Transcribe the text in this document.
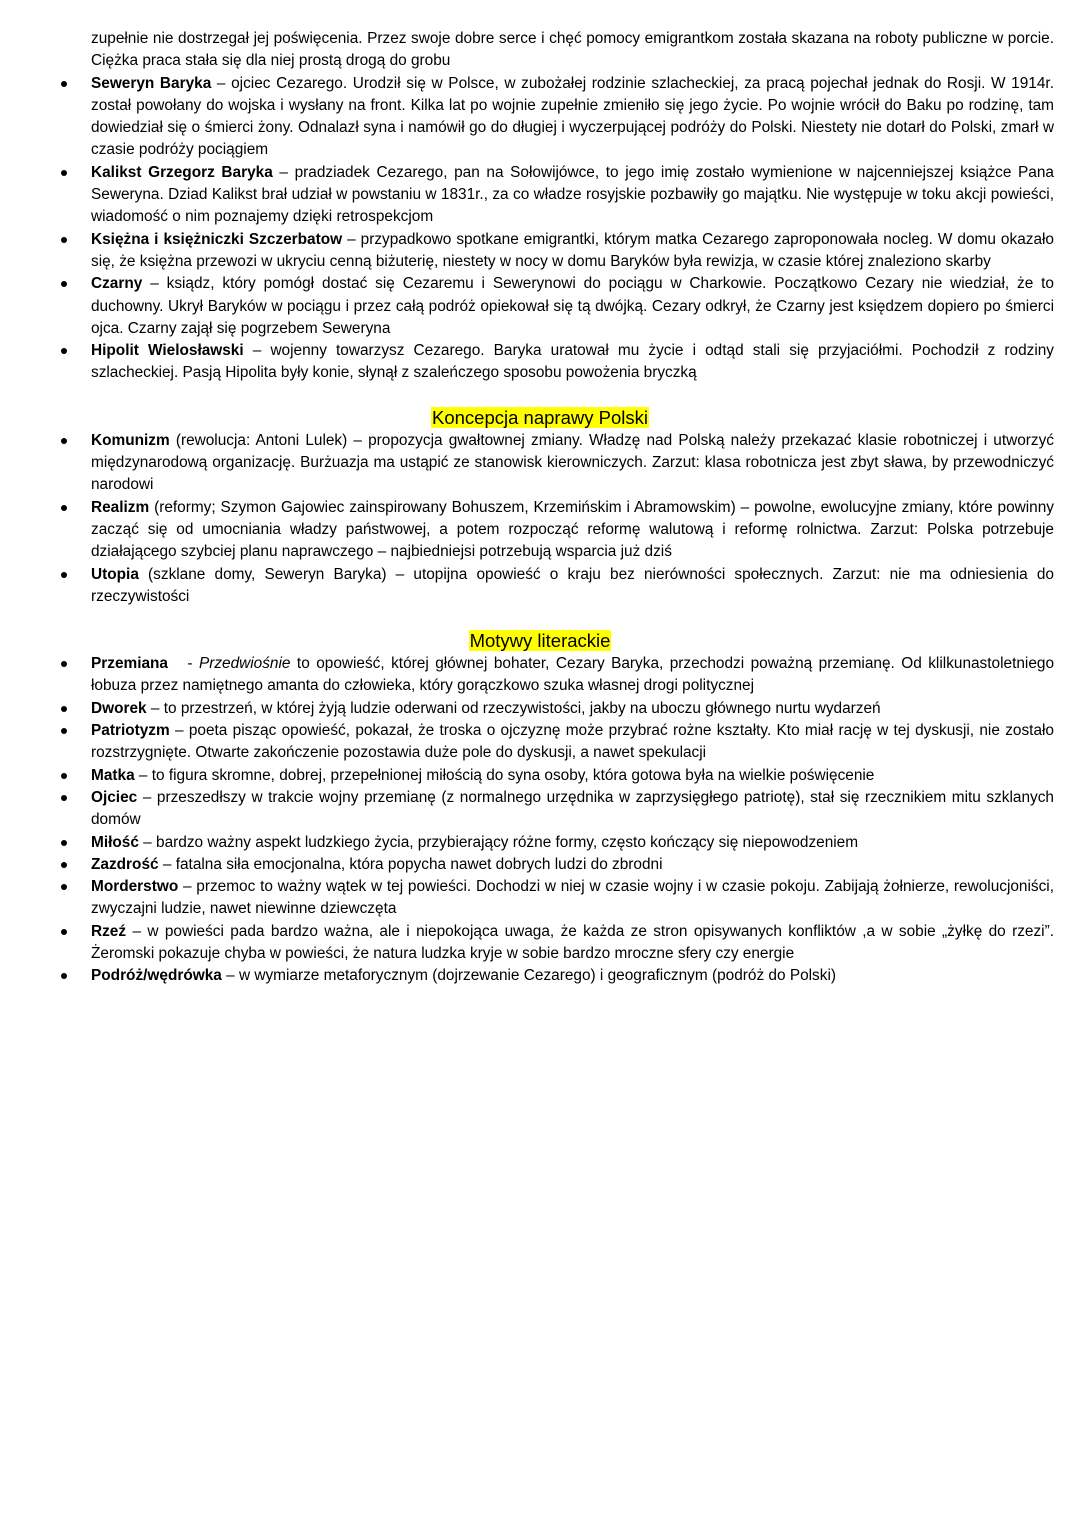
zupełnie nie dostrzegał jej poświęcenia. Przez swoje dobre serce i chęć pomocy emigrantkom została skazana na roboty publiczne w porcie. Ciężka praca stała się dla niej prostą drogą do grobu
Seweryn Baryka – ojciec Cezarego. Urodził się w Polsce, w zubożałej rodzinie szlacheckiej, za pracą pojechał jednak do Rosji. W 1914r. został powołany do wojska i wysłany na front. Kilka lat po wojnie zupełnie zmieniło się jego życie. Po wojnie wrócił do Baku po rodzinę, tam dowiedział się o śmierci żony. Odnalazł syna i namówił go do długiej i wyczerpującej podróży do Polski. Niestety nie dotarł do Polski, zmarł w czasie podróży pociągiem
Kalikst Grzegorz Baryka – pradziadek Cezarego, pan na Sołowijówce, to jego imię zostało wymienione w najcenniejszej książce Pana Seweryna. Dziad Kalikst brał udział w powstaniu w 1831r., za co władze rosyjskie pozbawiły go majątku. Nie występuje w toku akcji powieści, wiadomość o nim poznajemy dzięki retrospekcjom
Księżna i księżniczki Szczerbatow – przypadkowo spotkane emigrantki, którym matka Cezarego zaproponowała nocleg. W domu okazało się, że księżna przewozi w ukryciu cenną biżuterię, niestety w nocy w domu Baryków była rewizja, w czasie której znaleziono skarby
Czarny – ksiądz, który pomógł dostać się Cezaremu i Sewerynowi do pociągu w Charkowie. Początkowo Cezary nie wiedział, że to duchowny. Ukrył Baryków w pociągu i przez całą podróż opiekował się tą dwójką. Cezary odkrył, że Czarny jest księdzem dopiero po śmierci ojca. Czarny zajął się pogrzebem Seweryna
Hipolit Wielosławski – wojenny towarzysz Cezarego. Baryka uratował mu życie i odtąd stali się przyjaciółmi. Pochodził z rodziny szlacheckiej. Pasją Hipolita były konie, słynął z szaleńczego sposobu powożenia bryczką
Koncepcja naprawy Polski
Komunizm (rewolucja: Antoni Lulek) – propozycja gwałtownej zmiany. Władzę nad Polską należy przekazać klasie robotniczej i utworzyć międzynarodową organizację. Burżuazja ma ustąpić ze stanowisk kierowniczych. Zarzut: klasa robotnicza jest zbyt sława, by przewodniczyć narodowi
Realizm (reformy; Szymon Gajowiec zainspirowany Bohuszem, Krzemińskim i Abramowskim) – powolne, ewolucyjne zmiany, które powinny zacząć się od umocniania władzy państwowej, a potem rozpocząć reformę walutową i reformę rolnictwa. Zarzut: Polska potrzebuje działającego szybciej planu naprawczego – najbiedniejsi potrzebują wsparcia już dziś
Utopia (szklane domy, Seweryn Baryka) – utopijna opowieść o kraju bez nierówności społecznych. Zarzut: nie ma odniesienia do rzeczywistości
Motywy literackie
Przemiana   - Przedwiośnie to opowieść, której głównej bohater, Cezary Baryka, przechodzi poważną przemianę. Od klilkunastoletniego łobuza przez namiętnego amanta do człowieka, który gorączkowo szuka własnej drogi politycznej
Dworek – to przestrzeń, w której żyją ludzie oderwani od rzeczywistości, jakby na uboczu głównego nurtu wydarzeń
Patriotyzm – poeta pisząc opowieść, pokazał, że troska o ojczyznę może przybrać rożne kształty. Kto miał rację w tej dyskusji, nie zostało rozstrzygnięte. Otwarte zakończenie pozostawia duże pole do dyskusji, a nawet spekulacji
Matka – to figura skromne, dobrej, przepełnionej miłością do syna osoby, która gotowa była na wielkie poświęcenie
Ojciec – przeszedłszy w trakcie wojny przemianę (z normalnego urzędnika w zaprzysięgłego patriotę), stał się rzecznikiem mitu szklanych domów
Miłość – bardzo ważny aspekt ludzkiego życia, przybierający różne formy, często kończący się niepowodzeniem
Zazdrość – fatalna siła emocjonalna, która popycha nawet dobrych ludzi do zbrodni
Morderstwo – przemoc to ważny wątek w tej powieści. Dochodzi w niej w czasie wojny i w czasie pokoju. Zabijają żołnierze, rewolucjoniści, zwyczajni ludzie, nawet niewinne dziewczęta
Rzeź – w powieści pada bardzo ważna, ale i niepokojąca uwaga, że każda ze stron opisywanych konfliktów ,a w sobie „żyłkę do rzezi”. Żeromski pokazuje chyba w powieści, że natura ludzka kryje w sobie bardzo mroczne sfery czy energie
Podróż/wędrówka – w wymiarze metaforycznym (dojrzewanie Cezarego) i geograficznym (podróż do Polski)
